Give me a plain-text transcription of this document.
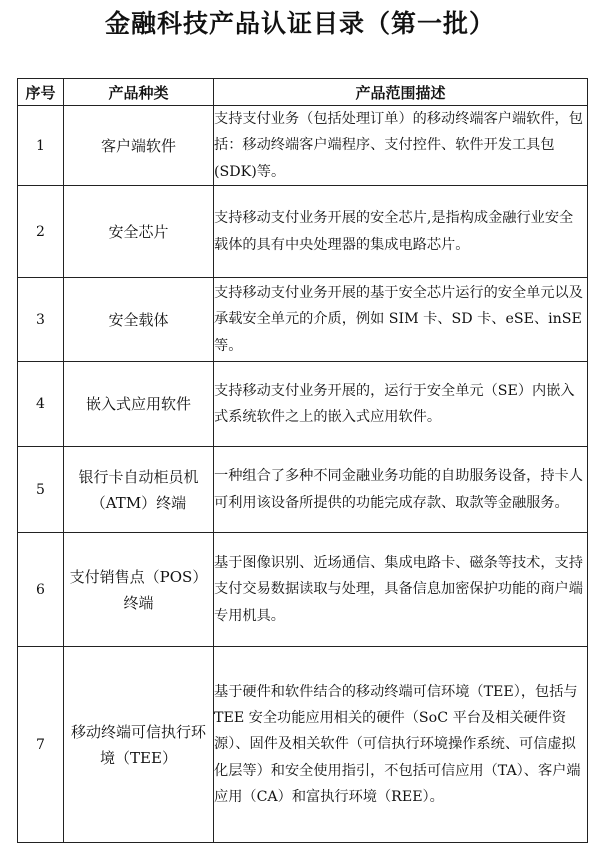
金融科技产品认证目录（第一批）
序号	产品种类	产品范围描述
1	客户端软件	支持支付业务（包括处理订单）的移动终端客户端软件，包括：移动终端客户端程序、支付控件、软件开发工具包(SDK)等。
2	安全芯片	支持移动支付业务开展的安全芯片,是指构成金融行业安全载体的具有中央处理器的集成电路芯片。
3	安全载体	支持移动支付业务开展的基于安全芯片运行的安全单元以及承载安全单元的介质，例如 SIM 卡、SD 卡、eSE、inSE 等。
4	嵌入式应用软件	支持移动支付业务开展的，运行于安全单元（SE）内嵌入式系统软件之上的嵌入式应用软件。
5	银行卡自动柜员机（ATM）终端	一种组合了多种不同金融业务功能的自助服务设备，持卡人可利用该设备所提供的功能完成存款、取款等金融服务。
6	支付销售点（POS）终端	基于图像识别、近场通信、集成电路卡、磁条等技术，支持支付交易数据读取与处理，具备信息加密保护功能的商户端专用机具。
7	移动终端可信执行环境（TEE）	基于硬件和软件结合的移动终端可信环境（TEE），包括与 TEE 安全功能应用相关的硬件（SoC 平台及相关硬件资源）、固件及相关软件（可信执行环境操作系统、可信虚拟化层等）和安全使用指引，不包括可信应用（TA）、客户端应用（CA）和富执行环境（REE）。
